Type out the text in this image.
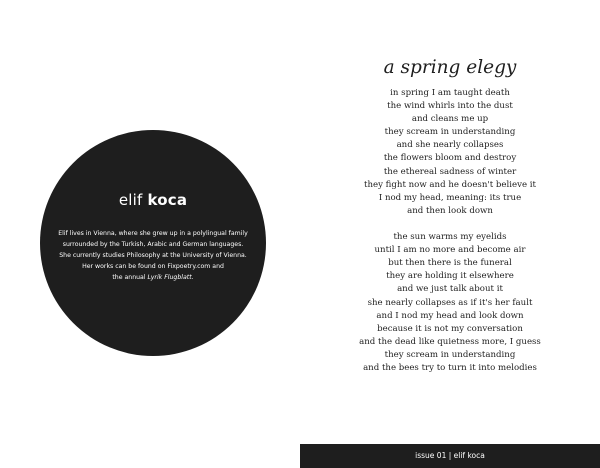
elif koca
Elif lives in Vienna, where she grew up in a polylingual family
surrounded by the Turkish, Arabic and German languages.
She currently studies Philosophy at the University of Vienna.
Her works can be found on Fixpoetry.com and
the annual Lyrik Flugblatt.
a spring elegy
in spring I am taught death
the wind whirls into the dust
and cleans me up
they scream in understanding
and she nearly collapses
the flowers bloom and destroy
the ethereal sadness of winter
they fight now and he doesn't believe it
I nod my head, meaning: its true
and then look down
the sun warms my eyelids
until I am no more and become air
but then there is the funeral
they are holding it elsewhere
and we just talk about it
she nearly collapses as if it's her fault
and I nod my head and look down
because it is not my conversation
and the dead like quietness more, I guess
they scream in understanding
and the bees try to turn it into melodies
issue 01 | elif koca
